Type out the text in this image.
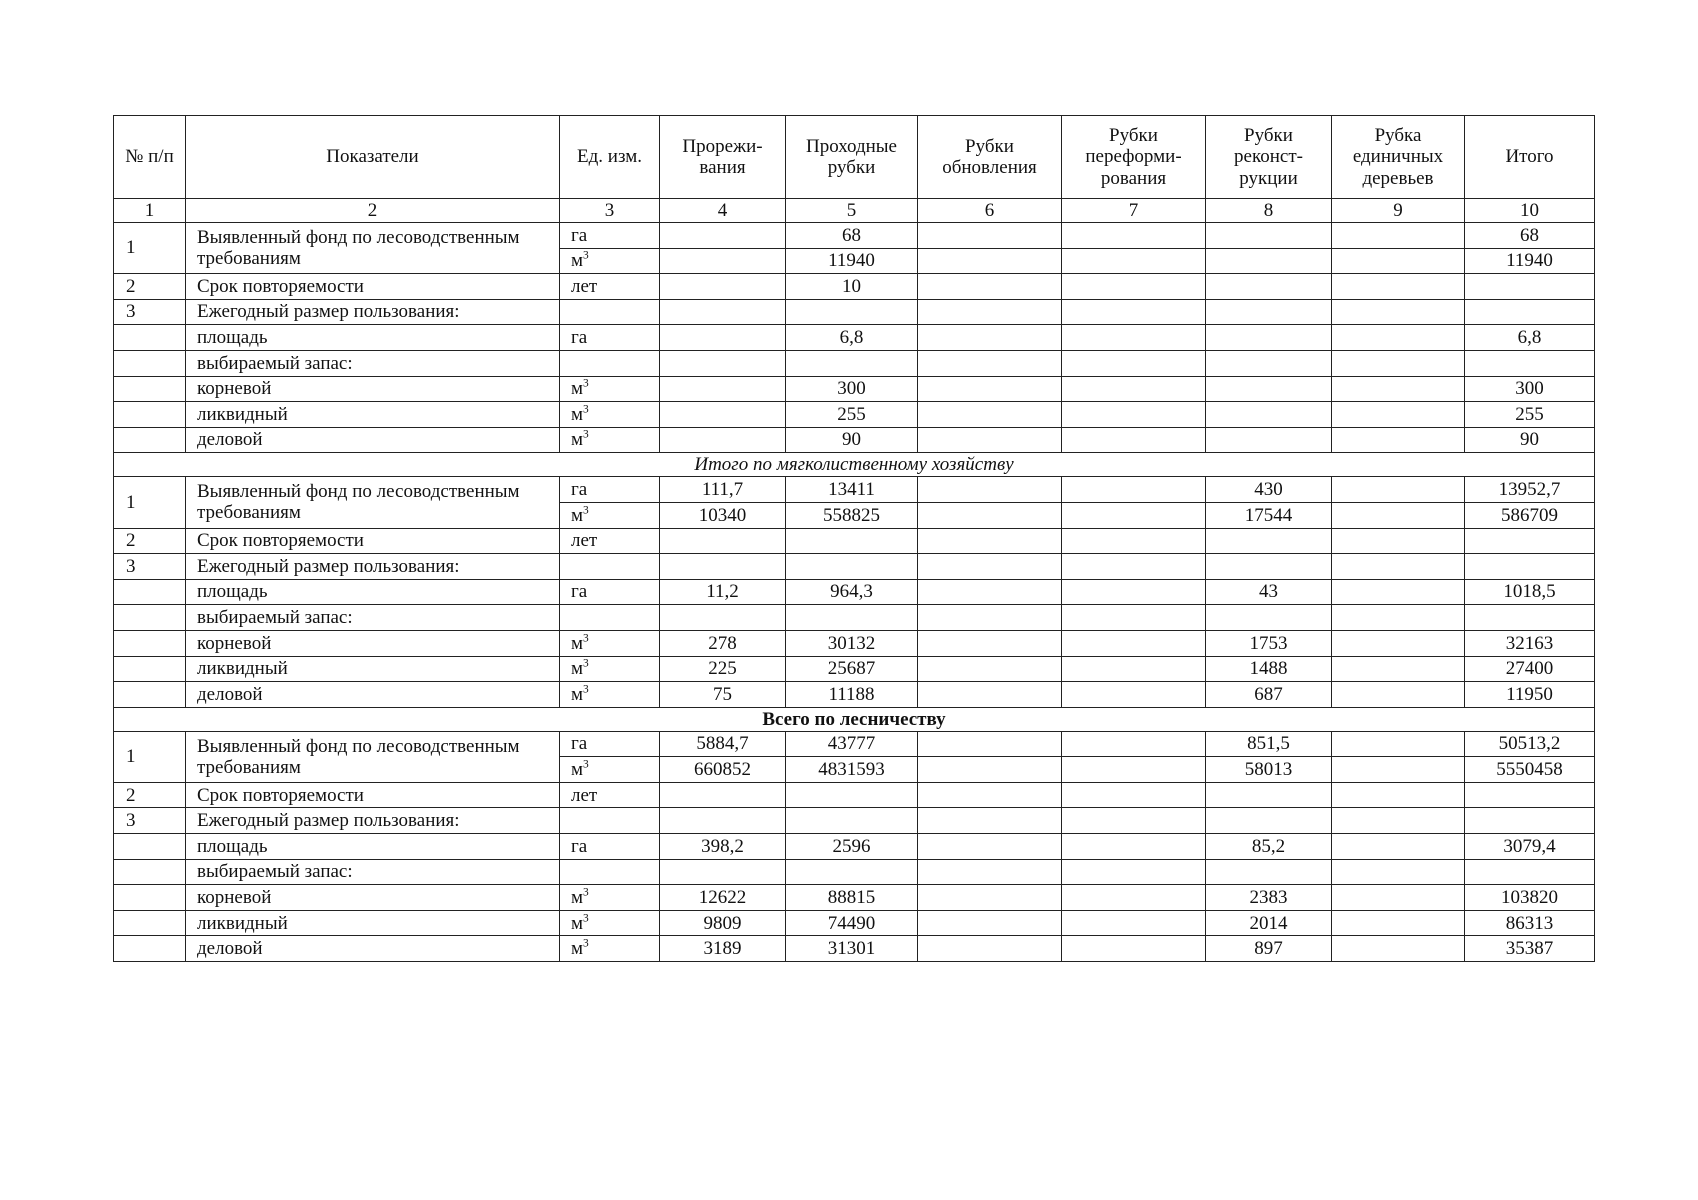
№ п/п	Показатели	Ед. изм.	Прорежи-вания	Проходные рубки	Рубки обновления	Рубки переформи-рования	Рубки реконст-рукции	Рубка единичных деревьев	Итого
1	2	3	4	5	6	7	8	9	10
1	Выявленный фонд по лесоводственным требованиям	га		68					68
		$м^3$		11940					11940
2	Срок повторяемости	лет		10					
3	Ежегодный размер пользования:								
	площадь	га		6,8					6,8
	выбираемый запас:								
	корневой	$м^3$		300					300
	ликвидный	$м^3$		255					255
	деловой	$м^3$		90					90
Итого по мягколиственному хозяйству									
1	Выявленный фонд по лесоводственным требованиям	га	111,7	13411			430		13952,7
		$м^3$	10340	558825			17544		586709
2	Срок повторяемости	лет							
3	Ежегодный размер пользования:								
	площадь	га	11,2	964,3			43		1018,5
	выбираемый запас:								
	корневой	$м^3$	278	30132			1753		32163
	ликвидный	$м^3$	225	25687			1488		27400
	деловой	$м^3$	75	11188			687		11950
Всего по лесничеству									
1	Выявленный фонд по лесоводственным требованиям	га	5884,7	43777			851,5		50513,2
		$м^3$	660852	4831593			58013		5550458
2	Срок повторяемости	лет							
3	Ежегодный размер пользования:								
	площадь	га	398,2	2596			85,2		3079,4
	выбираемый запас:								
	корневой	$м^3$	12622	88815			2383		103820
	ликвидный	$м^3$	9809	74490			2014		86313
	деловой	$м^3$	3189	31301			897		35387
